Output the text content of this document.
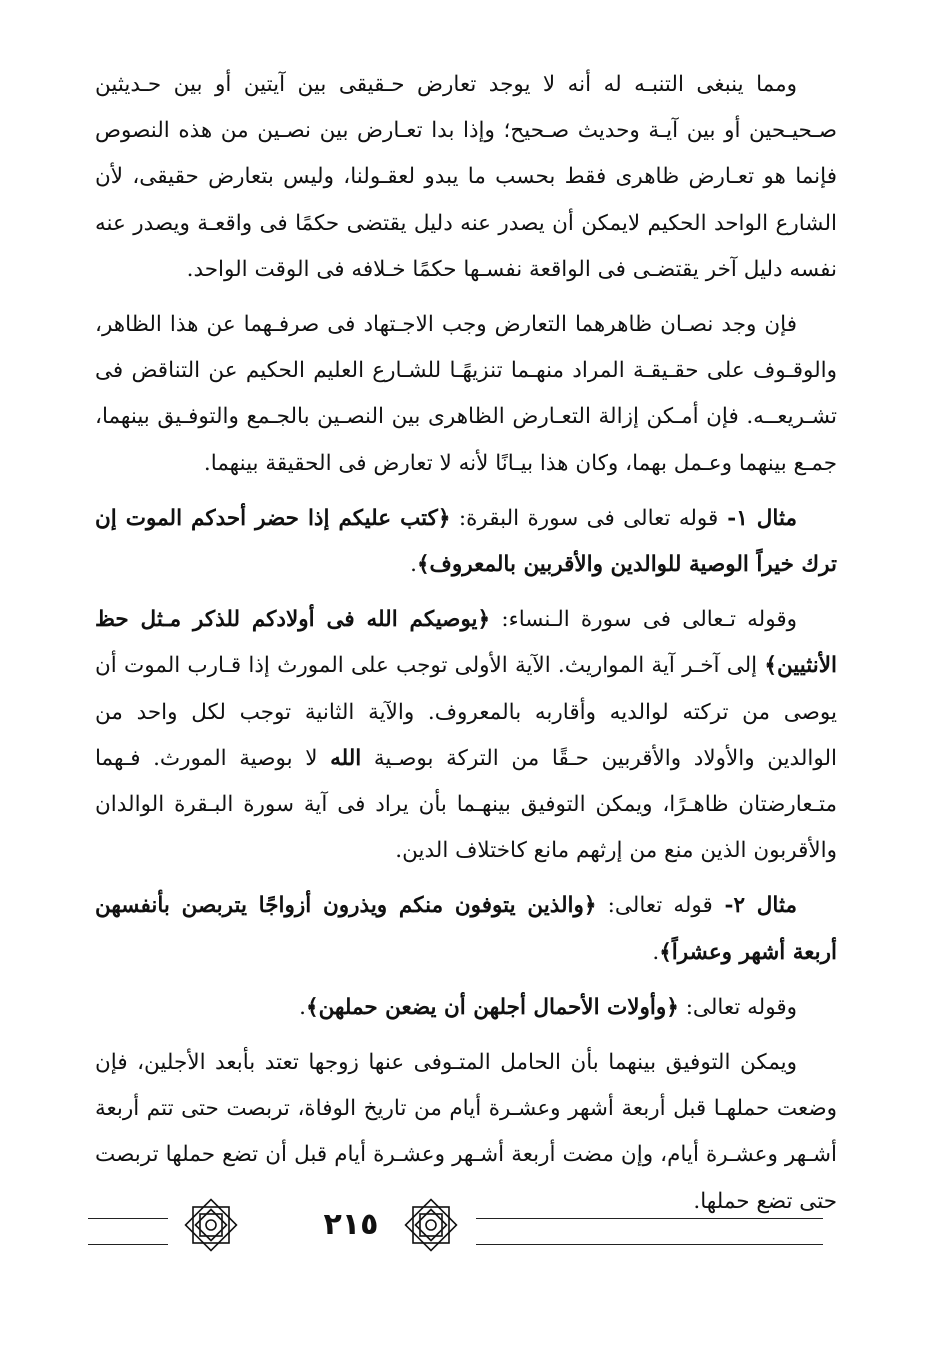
ومما ينبغى التنبـه له أنه لا يوجد تعارض حـقيقى بين آيتين أو بين حـديثين صـحيـحين أو بين آيـة وحديث صـحيح؛ وإذا بدا تعـارض بين نصـين من هذه النصوص فإنما هو تعـارض ظاهرى فقط بحسب ما يبدو لعقـولنا، وليس بتعارض حقيقى، لأن الشارع الواحد الحكيم لايمكن أن يصدر عنه دليل يقتضى حكمًا فى واقعـة ويصدر عنه نفسه دليل آخر يقتضـى فى الواقعة نفسـها حكمًا خـلافه فى الوقت الواحد.

فإن وجد نصـان ظاهرهما التعارض وجب الاجـتهاد فى صرفـهما عن هذا الظاهر، والوقـوف على حقـيقـة المراد منهـما تنزيهًـا للشـارع العليم الحكيم عن التناقض فى تشـريعــه. فإن أمـكن إزالة التعـارض الظاهرى بين النصـين بالجـمع والتوفـيق بينهما، جمـع بينهما وعـمل بهما، وكان هذا بيـانًا لأنه لا تعارض فى الحقيقة بينهما.

مثال ١- قوله تعالى فى سورة البقرة: ﴿كتب عليكم إذا حضر أحدكم الموت إن ترك خيراً الوصية للوالدين والأقربين بالمعروف﴾.

وقوله تـعالى فى سورة الـنساء: ﴿يوصيكم الله فى أولادكم للذكر مـثل حظ الأنثيين﴾ إلى آخـر آية المواريث. الآية الأولى توجب على المورث إذا قـارب الموت أن يوصى من تركته لوالديه وأقاربه بالمعروف. والآية الثانية توجب لكل واحد من الوالدين والأولاد والأقربين حـقًا من التركة بوصـية الله لا بوصية المورث. فـهما متـعارضتان ظاهـرًا، ويمكن التوفيق بينهـما بأن يراد فى آية سورة البـقرة الوالدان والأقربون الذين منع من إرثهم مانع كاختلاف الدين.

مثال ٢- قوله تعالى: ﴿والذين يتوفون منكم ويذرون أزواجًا يتربصن بأنفسهن أربعة أشهر وعشراً﴾.

وقوله تعالى: ﴿وأولات الأحمال أجلهن أن يضعن حملهن﴾.

ويمكن التوفيق بينهما بأن الحامل المتـوفى عنها زوجها تعتد بأبعد الأجلين، فإن وضعت حملهـا قبل أربعة أشهر وعشـرة أيام من تاريخ الوفاة، تربصت حتى تتم أربعة أشـهر وعشـرة أيام، وإن مضت أربعة أشـهر وعشـرة أيام قبل أن تضع حملها تربصت حتى تضع حملها.

٢١٥
